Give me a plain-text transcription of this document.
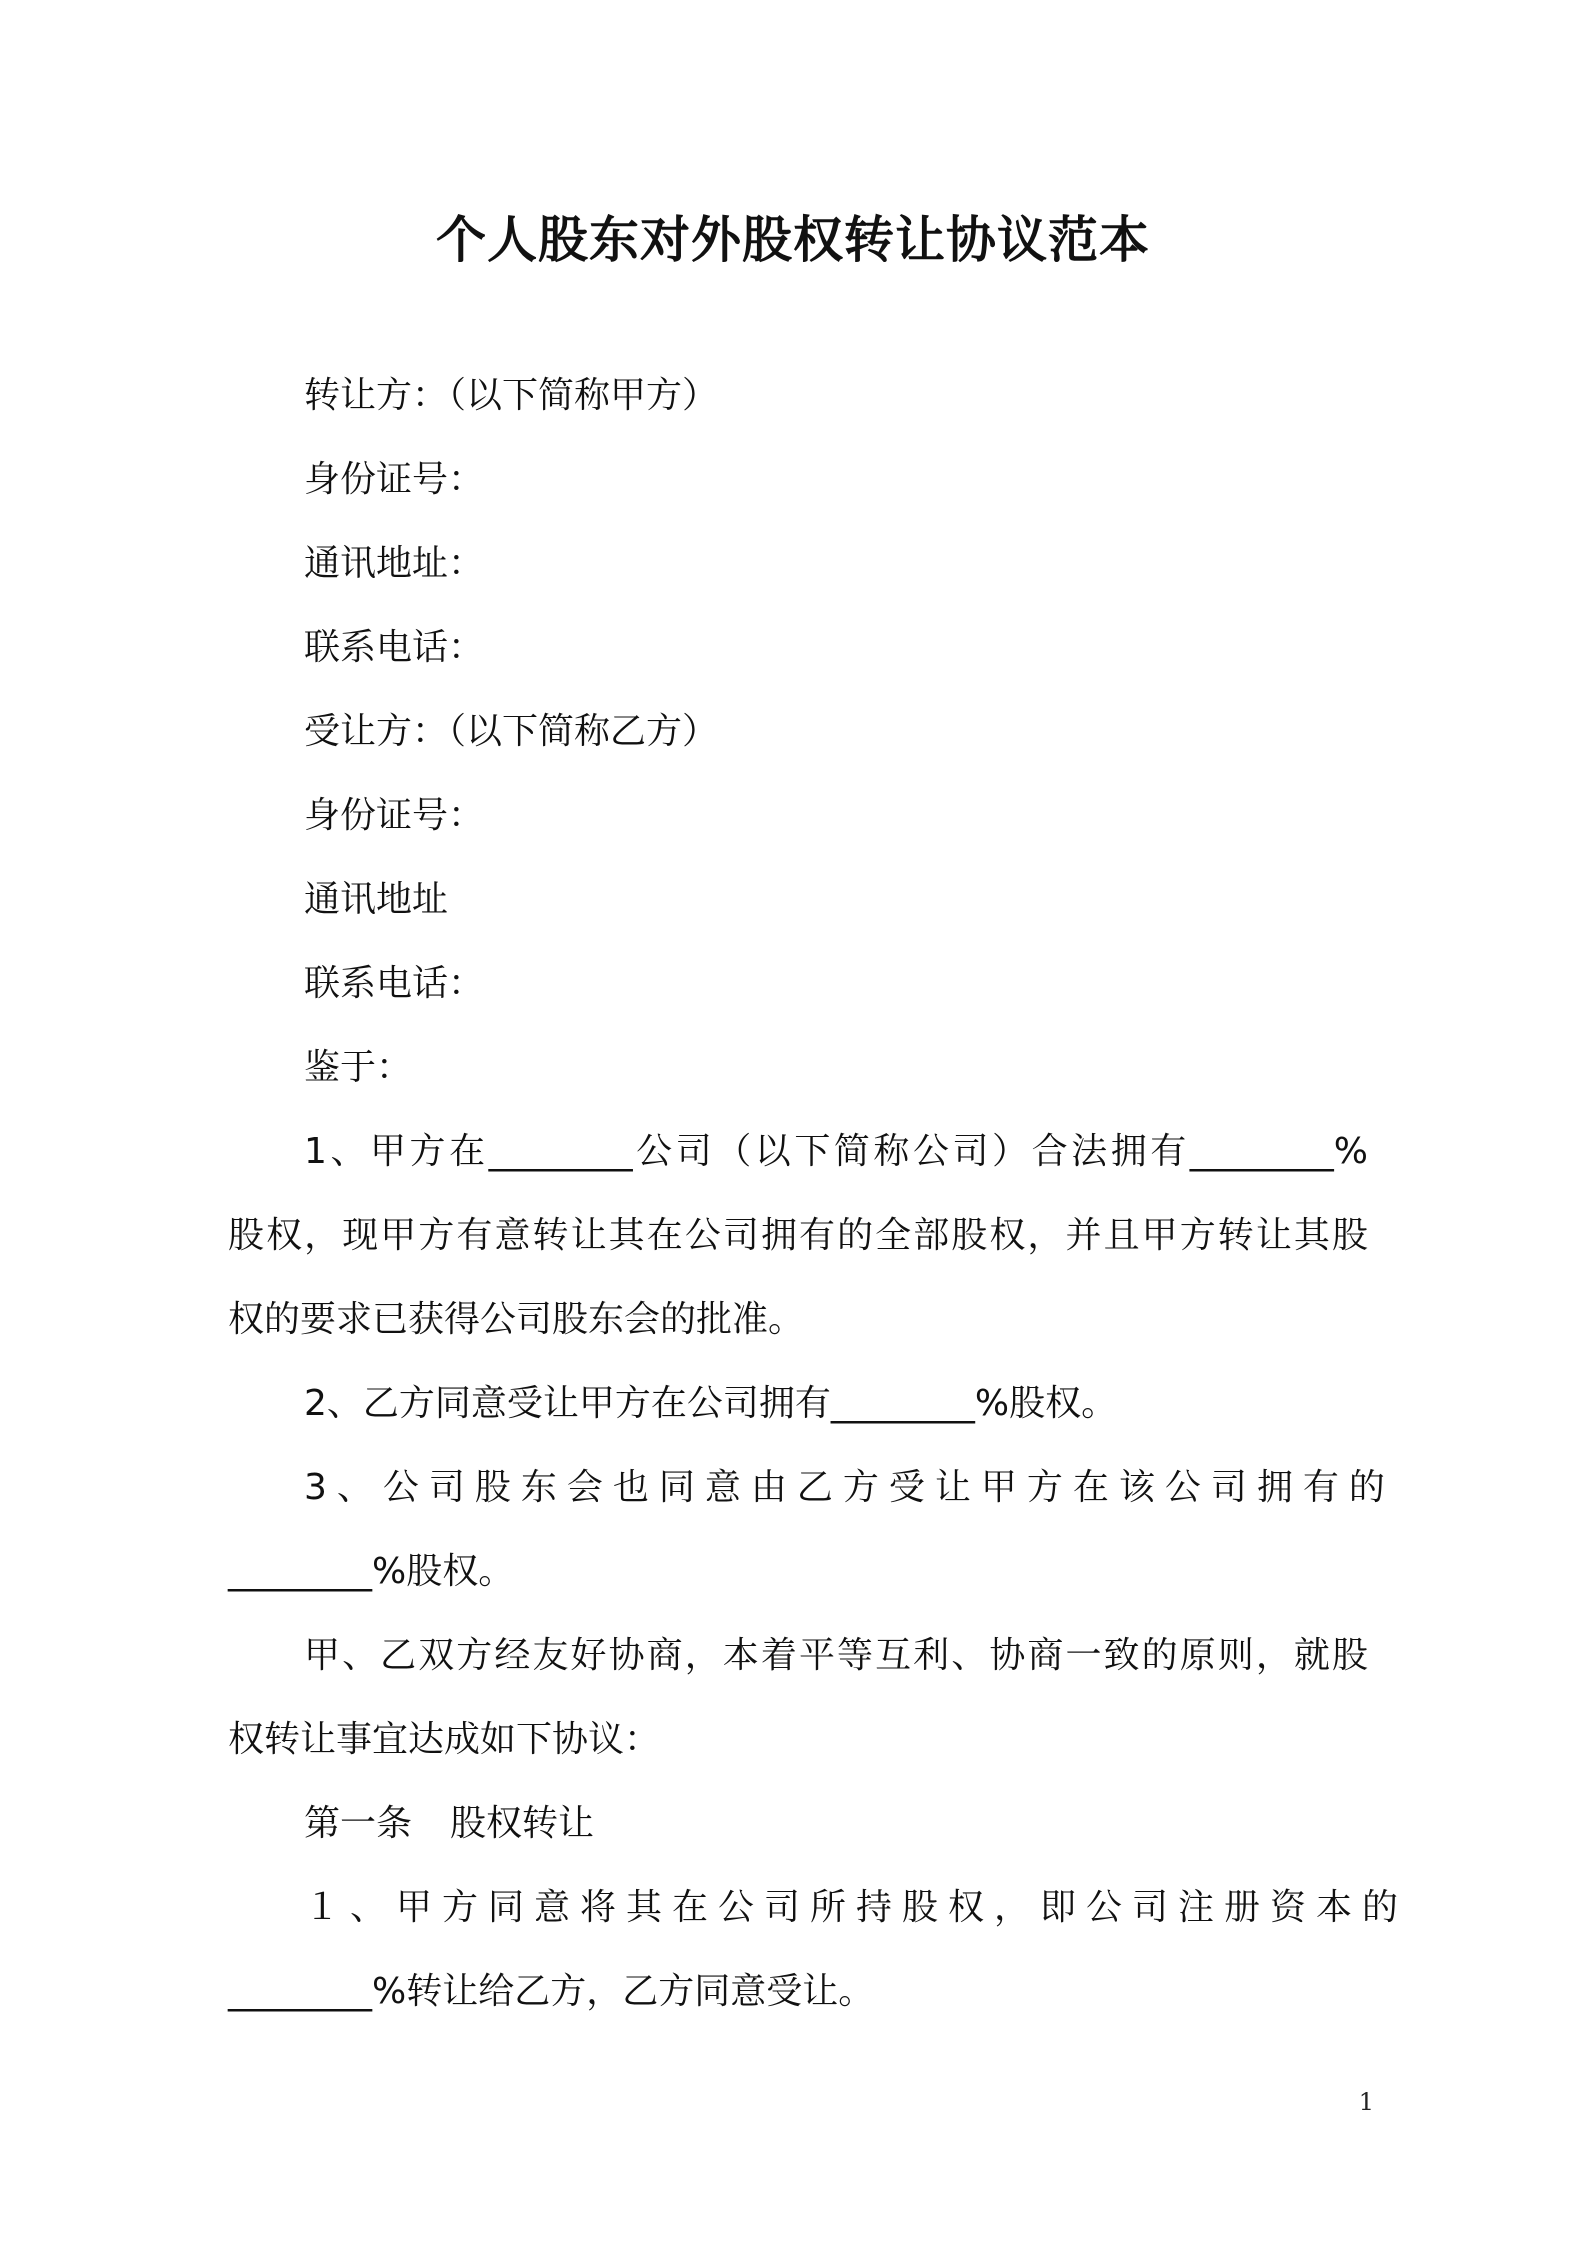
个人股东对外股权转让协议范本
转让方：（以下简称甲方）
身份证号：
通讯地址：
联系电话：
受让方：（以下简称乙方）
身份证号：
通讯地址
联系电话：
鉴于：
1、甲方在________公司（以下简称公司）合法拥有________%
股权，现甲方有意转让其在公司拥有的全部股权，并且甲方转让其股
权的要求已获得公司股东会的批准。
2、乙方同意受让甲方在公司拥有________%股权。
3、公司股东会也同意由乙方受让甲方在该公司拥有的
________%股权。
甲、乙双方经友好协商，本着平等互利、协商一致的原则，就股
权转让事宜达成如下协议：
第一条 股权转让
１、甲方同意将其在公司所持股权，即公司注册资本的
________%转让给乙方，乙方同意受让。
1
